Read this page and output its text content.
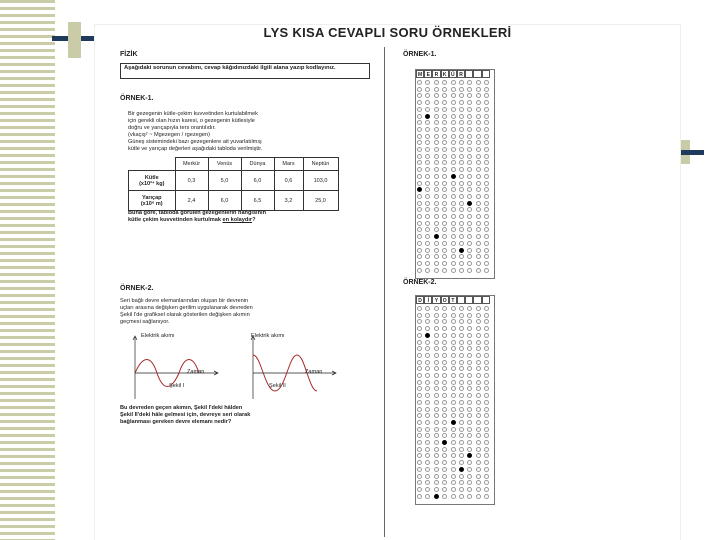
LYS KISA CEVAPLI SORU ÖRNEKLERİ
FİZİK
Aşağıdaki sorunun cevabını, cevap kâğıdınızdaki ilgili alana yazıp kodlayınız.
ÖRNEK-1.
Bir gezegenin kütle-çekim kuvvetinden kurtulabilmek
için gerekli olan hızın karesi, o gezegenin kütlesiyle
doğru ve yarıçapıyla ters orantılıdır.
(vkaçış² ~ Mgezegen / rgezegen)
Güneş sistemindeki bazı gezegenlere ait yuvarlatılmış
kütle ve yarıçap değerleri aşağıdaki tabloda verilmiştir.
	Merkür	Venüs	Dünya	Mars	Neptün

Kütle
(x10²⁴ kg)	0,3	5,0	6,0	0,6	103,0

Yarıçap
(x10⁶ m)	2,4	6,0	6,5	3,2	25,0
Buna göre, tabloda görülen gezegenlerin hangisinin
kütle çekim kuvvetinden kurtulmak en kolaydır?
ÖRNEK-2.
Seri bağlı devre elemanlarından oluşan bir devrenin
uçları arasına değişken gerilim uygulanarak devreden
Şekil I'de grafiksel olarak gösterilen değişken akımın
geçmesi sağlanıyor.
Elektrik akımı
Zaman
Şekil I
Elektrik akımı
Zaman
Şekil II
Bu devreden geçen akımın, Şekil I'deki hâlden
Şekil II'deki hâle gelmesi için, devreye seri olarak
bağlanması gereken devre elemanı nedir?
ÖRNEK-1.
M E R K Ü R
ÖRNEK-2.
D	İ	Y O T
